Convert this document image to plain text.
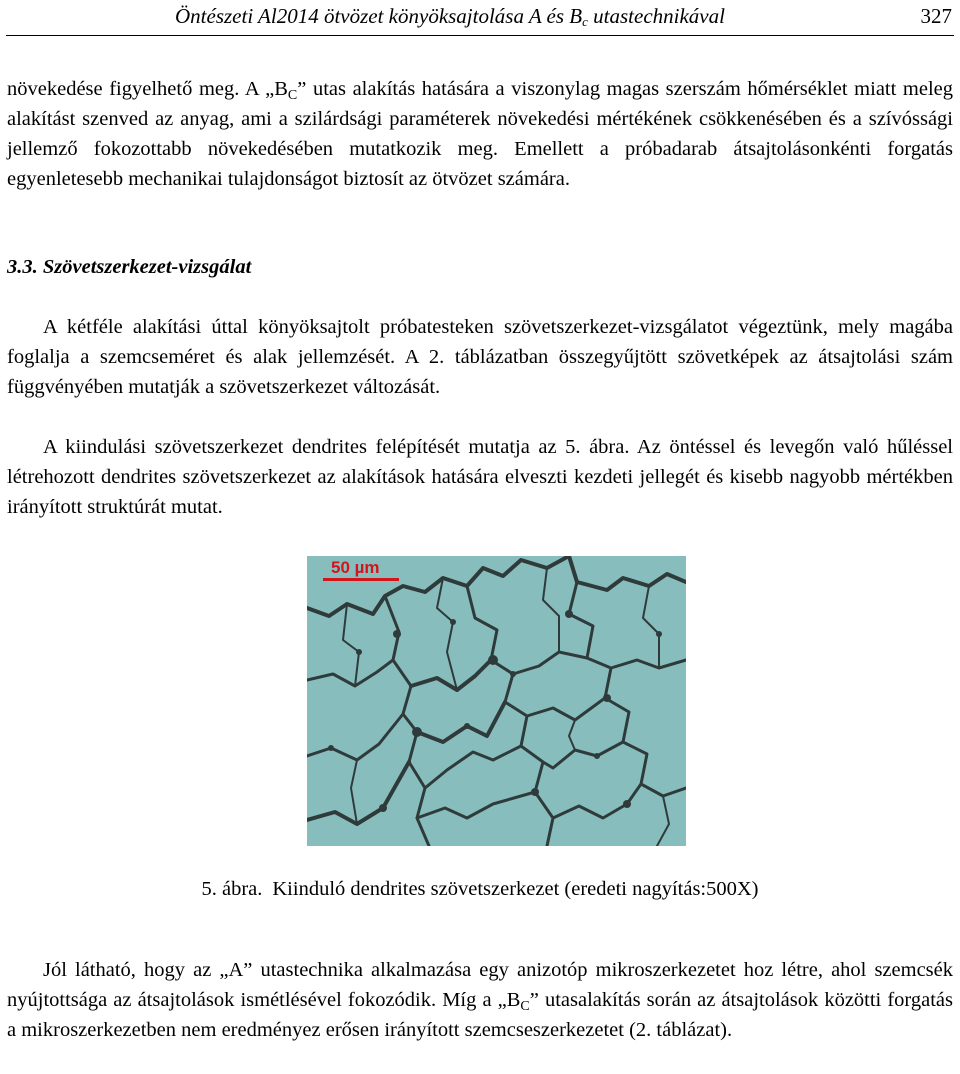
Öntészeti Al2014 ötvözet könyöksajtolása A és $B_c$ utastechnikával	327

növekedése figyelhető meg. A $„B_C$” utas alakítás hatására a viszonylag magas szerszám hőmérséklet miatt meleg alakítást szenved az anyag, ami a szilárdsági paraméterek növekedési mértékének csökkenésében és a szívóssági jellemző fokozottabb növekedésében mutatkozik meg. Emellett a próbadarab átsajtolásonkénti forgatás egyenletesebb mechanikai tulajdonságot biztosít az ötvözet számára.

3.3. Szövetszerkezet-vizsgálat

A kétféle alakítási úttal könyöksajtolt próbatesteken szövetszerkezet-vizsgálatot végeztünk, mely magába foglalja a szemcseméret és alak jellemzését. A 2. táblázatban összegyűjtött szövetképek az átsajtolási szám függvényében mutatják a szövetszerkezet változását.

A kiindulási szövetszerkezet dendrites felépítését mutatja az 5. ábra. Az öntéssel és levegőn való hűléssel létrehozott dendrites szövetszerkezet az alakítások hatására elveszti kezdeti jellegét és kisebb nagyobb mértékben irányított struktúrát mutat.

50 µm

5. ábra. Kiinduló dendrites szövetszerkezet (eredeti nagyítás:500X)

Jól látható, hogy az „A” utastechnika alkalmazása egy anizotóp mikroszerkezetet hoz létre, ahol szemcsék nyújtottsága az átsajtolások ismétlésével fokozódik. Míg a $„B_C$” utasalakítás során az átsajtolások közötti forgatás a mikroszerkezetben nem eredményez erősen irányított szemcseszerkezetet (2. táblázat).
